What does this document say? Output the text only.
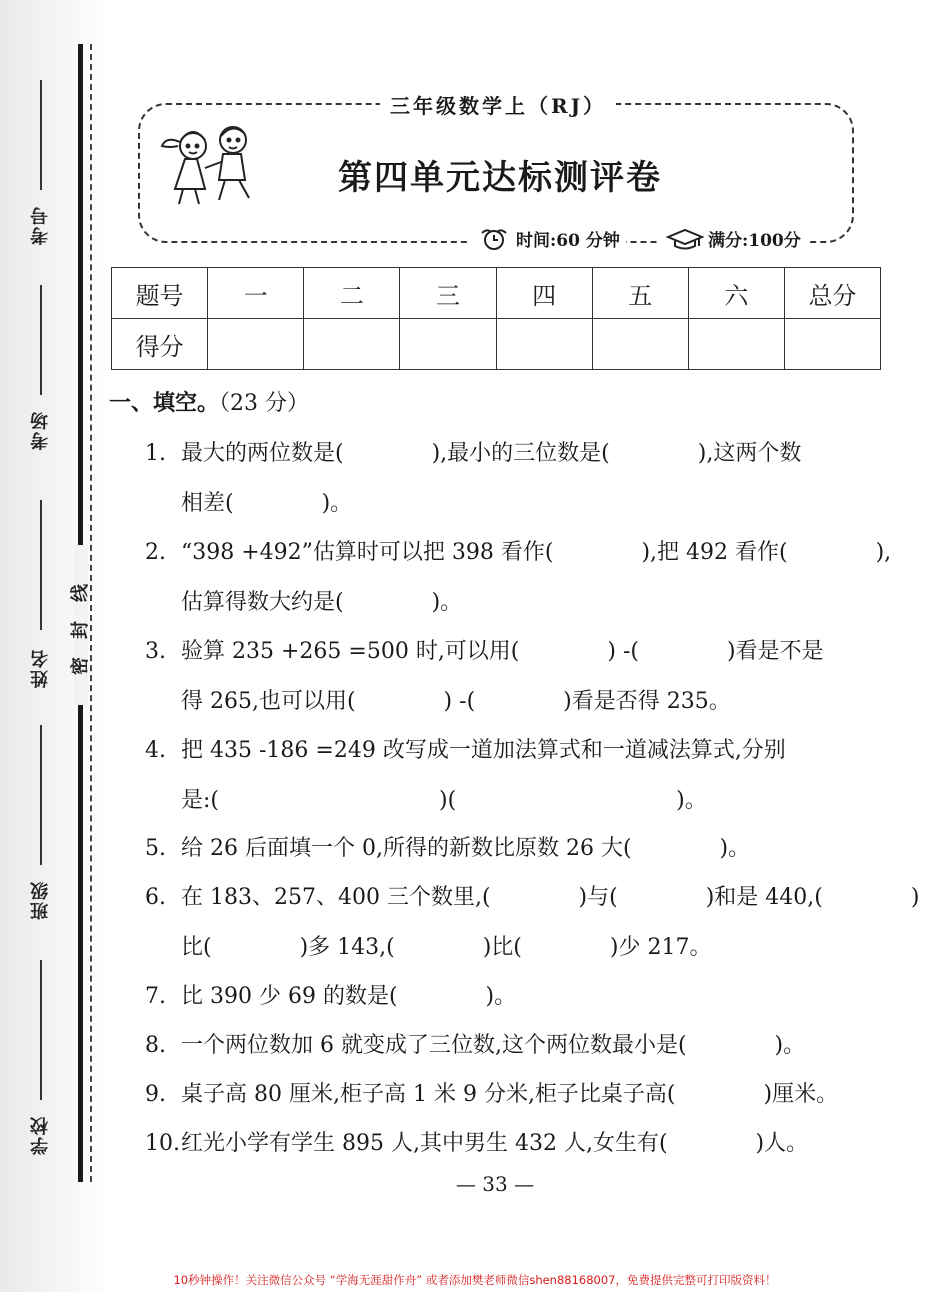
考号
考场
姓名
班级
学校
线
封
密
三年级数学上（RJ）
第四单元达标测评卷
时间:60 分钟	满分:100分
题号	一	二	三	四	五	六	总分
得分							
一、填空。（23 分）
1. 最大的两位数是(　　　　),最小的三位数是(　　　　),这两个数
相差(　　　　)。
2. “398 +492”估算时可以把 398 看作(　　　　),把 492 看作(　　　　),
估算得数大约是(　　　　)。
3. 验算 235 +265 =500 时,可以用(　　　　) -(　　　　)看是不是
得 265,也可以用(　　　　) -(　　　　)看是否得 235。
4. 把 435 -186 =249 改写成一道加法算式和一道减法算式,分别
是:(　　　　　　　　　　)(　　　　　　　　　　)。
5. 给 26 后面填一个 0,所得的新数比原数 26 大(　　　　)。
6. 在 183、257、400 三个数里,(　　　　)与(　　　　)和是 440,(　　　　)
比(　　　　)多 143,(　　　　)比(　　　　)少 217。
7. 比 390 少 69 的数是(　　　　)。
8. 一个两位数加 6 就变成了三位数,这个两位数最小是(　　　　)。
9. 桌子高 80 厘米,柜子高 1 米 9 分米,柜子比桌子高(　　　　)厘米。
10.红光小学有学生 895 人,其中男生 432 人,女生有(　　　　)人。
— 33 —
10秒钟操作！关注微信公众号 “学海无涯甜作舟” 或者添加樊老师微信shen88168007，免费提供完整可打印版资料！
